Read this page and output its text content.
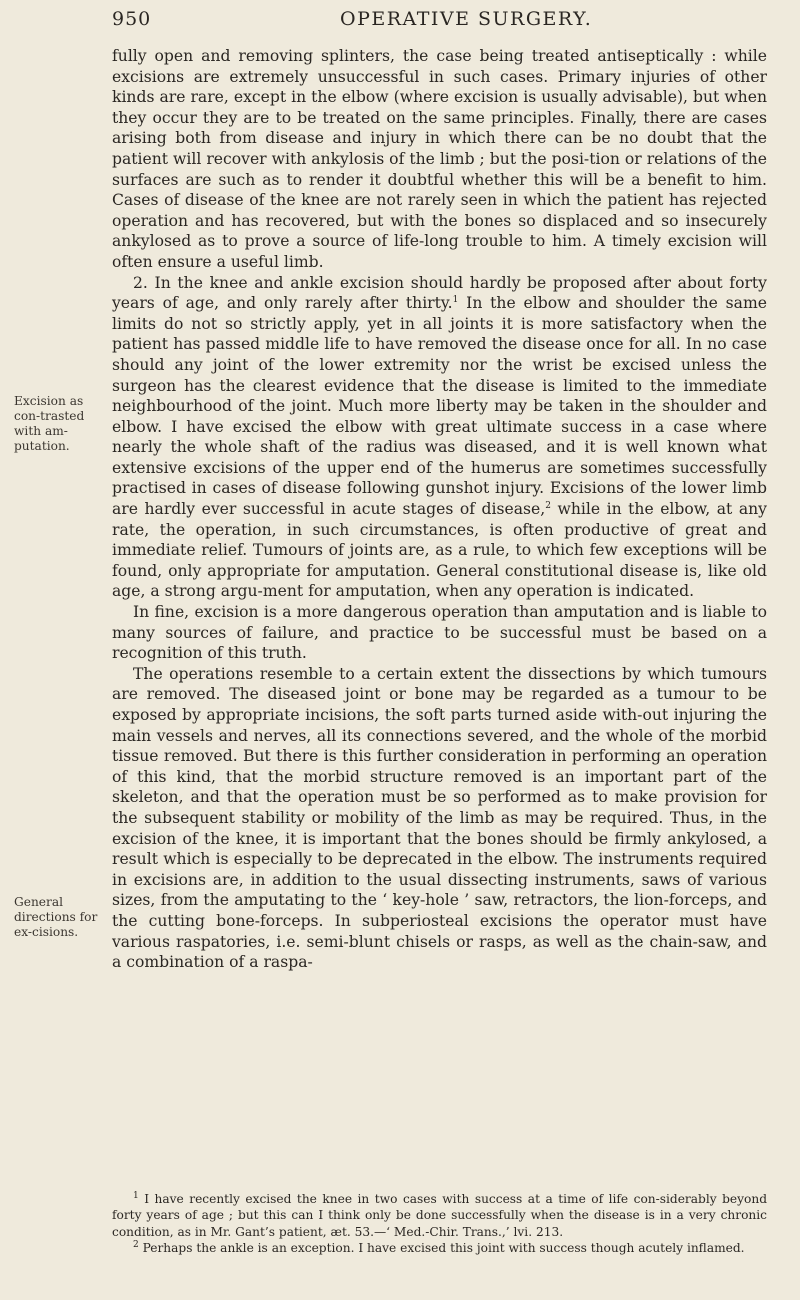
950	OPERATIVE SURGERY.
Excision as con-trasted with am-putation.
General directions for ex-cisions.

fully open and removing splinters, the case being treated antiseptically : while excisions are extremely unsuccessful in such cases. Primary injuries of other kinds are rare, except in the elbow (where excision is usually advisable), but when they occur they are to be treated on the same principles. Finally, there are cases arising both from disease and injury in which there can be no doubt that the patient will recover with ankylosis of the limb ; but the posi-tion or relations of the surfaces are such as to render it doubtful whether this will be a benefit to him. Cases of disease of the knee are not rarely seen in which the patient has rejected operation and has recovered, but with the bones so displaced and so insecurely ankylosed as to prove a source of life-long trouble to him. A timely excision will often ensure a useful limb.

2. In the knee and ankle excision should hardly be proposed after about forty years of age, and only rarely after thirty.$^1$ In the elbow and shoulder the same limits do not so strictly apply, yet in all joints it is more satisfactory when the patient has passed middle life to have removed the disease once for all. In no case should any joint of the lower extremity nor the wrist be excised unless the surgeon has the clearest evidence that the disease is limited to the immediate neighbourhood of the joint. Much more liberty may be taken in the shoulder and elbow. I have excised the elbow with great ultimate success in a case where nearly the whole shaft of the radius was diseased, and it is well known what extensive excisions of the upper end of the humerus are sometimes successfully practised in cases of disease following gunshot injury. Excisions of the lower limb are hardly ever successful in acute stages of disease,$^2$ while in the elbow, at any rate, the operation, in such circumstances, is often productive of great and immediate relief. Tumours of joints are, as a rule, to which few exceptions will be found, only appropriate for amputation. General constitutional disease is, like old age, a strong argu-ment for amputation, when any operation is indicated.

In fine, excision is a more dangerous operation than amputation and is liable to many sources of failure, and practice to be successful must be based on a recognition of this truth.

The operations resemble to a certain extent the dissections by which tumours are removed. The diseased joint or bone may be regarded as a tumour to be exposed by appropriate incisions, the soft parts turned aside with-out injuring the main vessels and nerves, all its connections severed, and the whole of the morbid tissue removed. But there is this further consideration in performing an operation of this kind, that the morbid structure removed is an important part of the skeleton, and that the operation must be so performed as to make provision for the subsequent stability or mobility of the limb as may be required. Thus, in the excision of the knee, it is important that the bones should be firmly ankylosed, a result which is especially to be deprecated in the elbow. The instruments required in excisions are, in addition to the usual dissecting instruments, saws of various sizes, from the amputating to the ‘ key-hole ’ saw, retractors, the lion-forceps, and the cutting bone-forceps. In subperiosteal excisions the operator must have various raspatories, i.e. semi-blunt chisels or rasps, as well as the chain-saw, and a combination of a raspa-

$^1$ I have recently excised the knee in two cases with success at a time of life con-siderably beyond forty years of age ; but this can I think only be done successfully when the disease is in a very chronic condition, as in Mr. Gant’s patient, æt. 53.—‘ Med.-Chir. Trans.,’ lvi. 213.

$^2$ Perhaps the ankle is an exception. I have excised this joint with success though acutely inflamed.
